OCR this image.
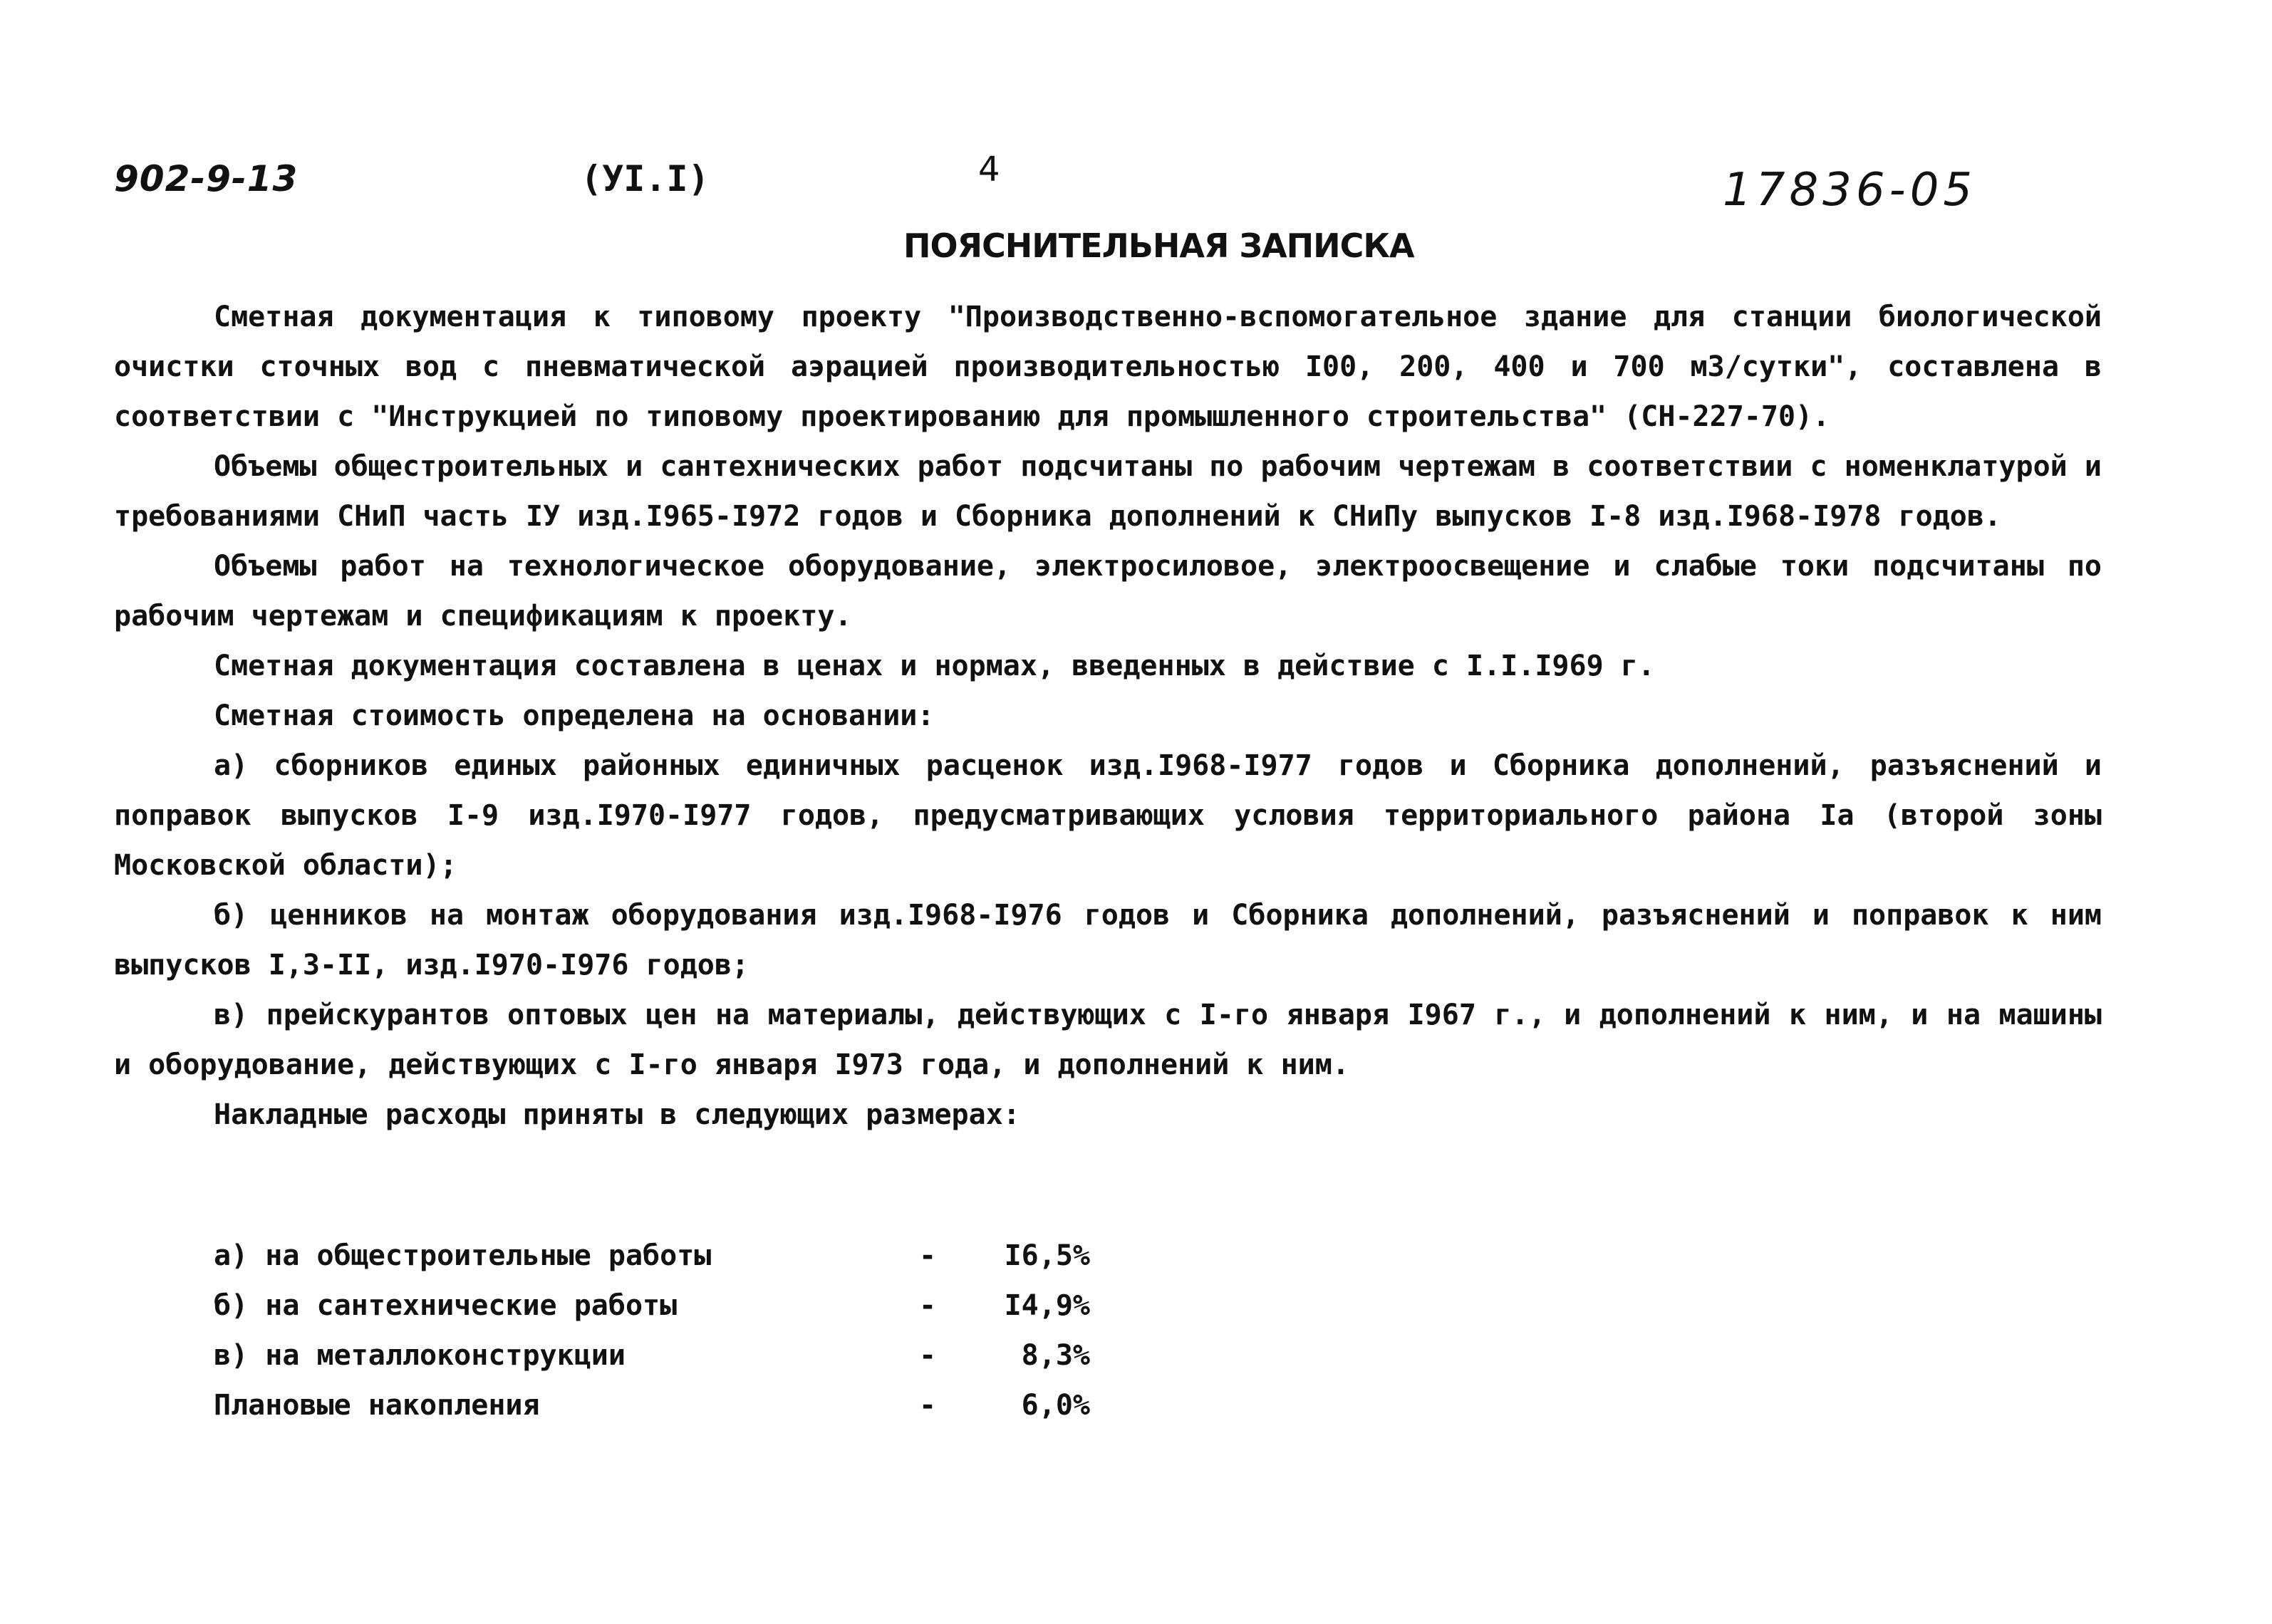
902-9-13	(УI.I)	4	17836-05
ПОЯСНИТЕЛЬНАЯ ЗАПИСКА

Сметная документация к типовому проекту "Производственно-вспомогательное здание для станции биологической очистки сточных вод с пневматической аэрацией производительностью I00, 200, 400 и 700 м3/сутки", составлена в соответствии с "Инструкцией по типовому проектированию для промышленного строительства" (СН-227-70).

Объемы общестроительных и сантехнических работ подсчитаны по рабочим чертежам в соответствии с номенклатурой и требованиями СНиП часть IУ изд.I965-I972 годов и Сборника дополнений к СНиПу выпусков I-8 изд.I968-I978 годов.

Объемы работ на технологическое оборудование, электросиловое, электроосвещение и слабые токи подсчитаны по рабочим чертежам и спецификациям к проекту.

Сметная документация составлена в ценах и нормах, введенных в действие с I.I.I969 г.

Сметная стоимость определена на основании:

а) сборников единых районных единичных расценок изд.I968-I977 годов и Сборника дополнений, разъяснений и поправок выпусков I-9 изд.I970-I977 годов, предусматривающих условия территориального района Iа (второй зоны Московской области);

б) ценников на монтаж оборудования изд.I968-I976 годов и Сборника дополнений, разъяснений и поправок к ним выпусков I,3-II, изд.I970-I976 годов;

в) прейскурантов оптовых цен на материалы, действующих с I-го января I967 г., и дополнений к ним, и на машины и оборудование, действующих с I-го января I973 года, и дополнений к ним.

Накладные расходы приняты в следующих размерах:

а) на общестроительные работы	-	I6,5%
б) на сантехнические работы	-	I4,9%
в) на металлоконструкции	-	8,3%
Плановые накопления	-	6,0%
